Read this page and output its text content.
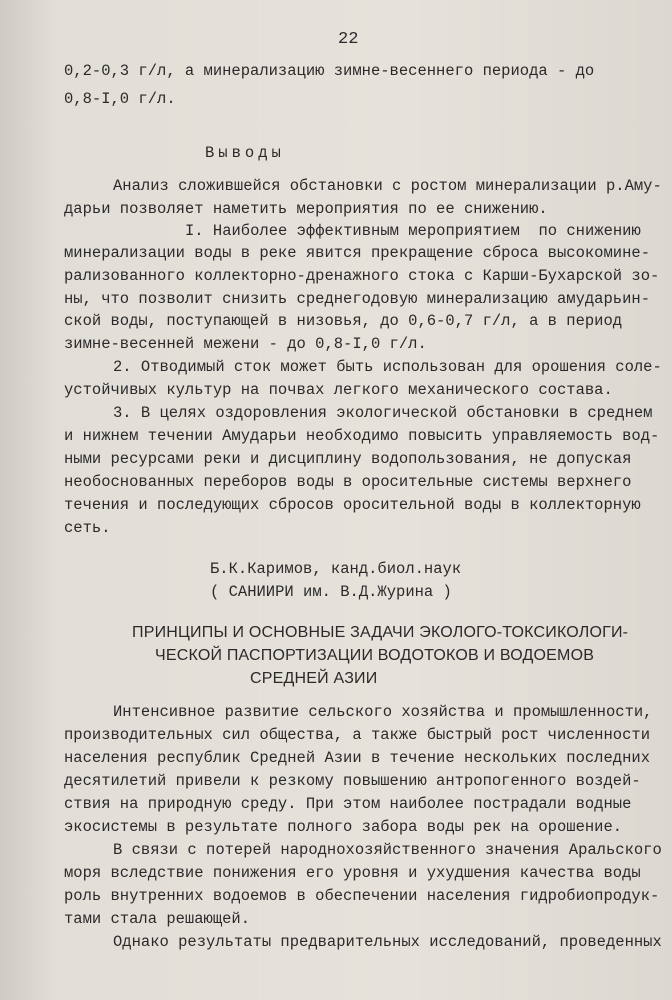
22
0,2-0,3 г/л, а минерализацию зимне-весеннего периода - до
0,8-I,0 г/л.
Выводы
Анализ сложившейся обстановки с ростом минерализации р.Аму-
дарьи позволяет наметить мероприятия по ее снижению.
I. Наиболее эффективным мероприятием  по снижению
минерализации воды в реке явится прекращение сброса высокомине-
рализованного коллекторно-дренажного стока с Карши-Бухарской зо-
ны, что позволит снизить среднегодовую минерализацию амударьин-
ской воды, поступающей в низовья, до 0,6-0,7 г/л, а в период
зимне-весенней межени - до 0,8-I,0 г/л.
2. Отводимый сток может быть использован для орошения соле-
устойчивых культур на почвах легкого механического состава.
3. В целях оздоровления экологической обстановки в среднем
и нижнем течении Амударьи необходимо повысить управляемость вод-
ными ресурсами реки и дисциплину водопользования, не допуская
необоснованных переборов воды в оросительные системы верхнего
течения и последующих сбросов оросительной воды в коллекторную
сеть.
Б.К.Каримов, канд.биол.наук
( САНИИРИ им. В.Д.Журина )
ПРИНЦИПЫ И ОСНОВНЫЕ ЗАДАЧИ ЭКОЛОГО-ТОКСИКОЛОГИ-
ЧЕСКОЙ ПАСПОРТИЗАЦИИ ВОДОТОКОВ И ВОДОЕМОВ
СРЕДНЕЙ АЗИИ
Интенсивное развитие сельского хозяйства и промышленности,
производительных сил общества, а также быстрый рост численности
населения республик Средней Азии в течение нескольких последних
десятилетий привели к резкому повышению антропогенного воздей-
ствия на природную среду. При этом наиболее пострадали водные
экосистемы в результате полного забора воды рек на орошение.
В связи с потерей народнохозяйственного значения Аральского
моря вследствие понижения его уровня и ухудшения качества воды
роль внутренних водоемов в обеспечении населения гидробиопродук-
тами стала решающей.
Однако результаты предварительных исследований, проведенных
